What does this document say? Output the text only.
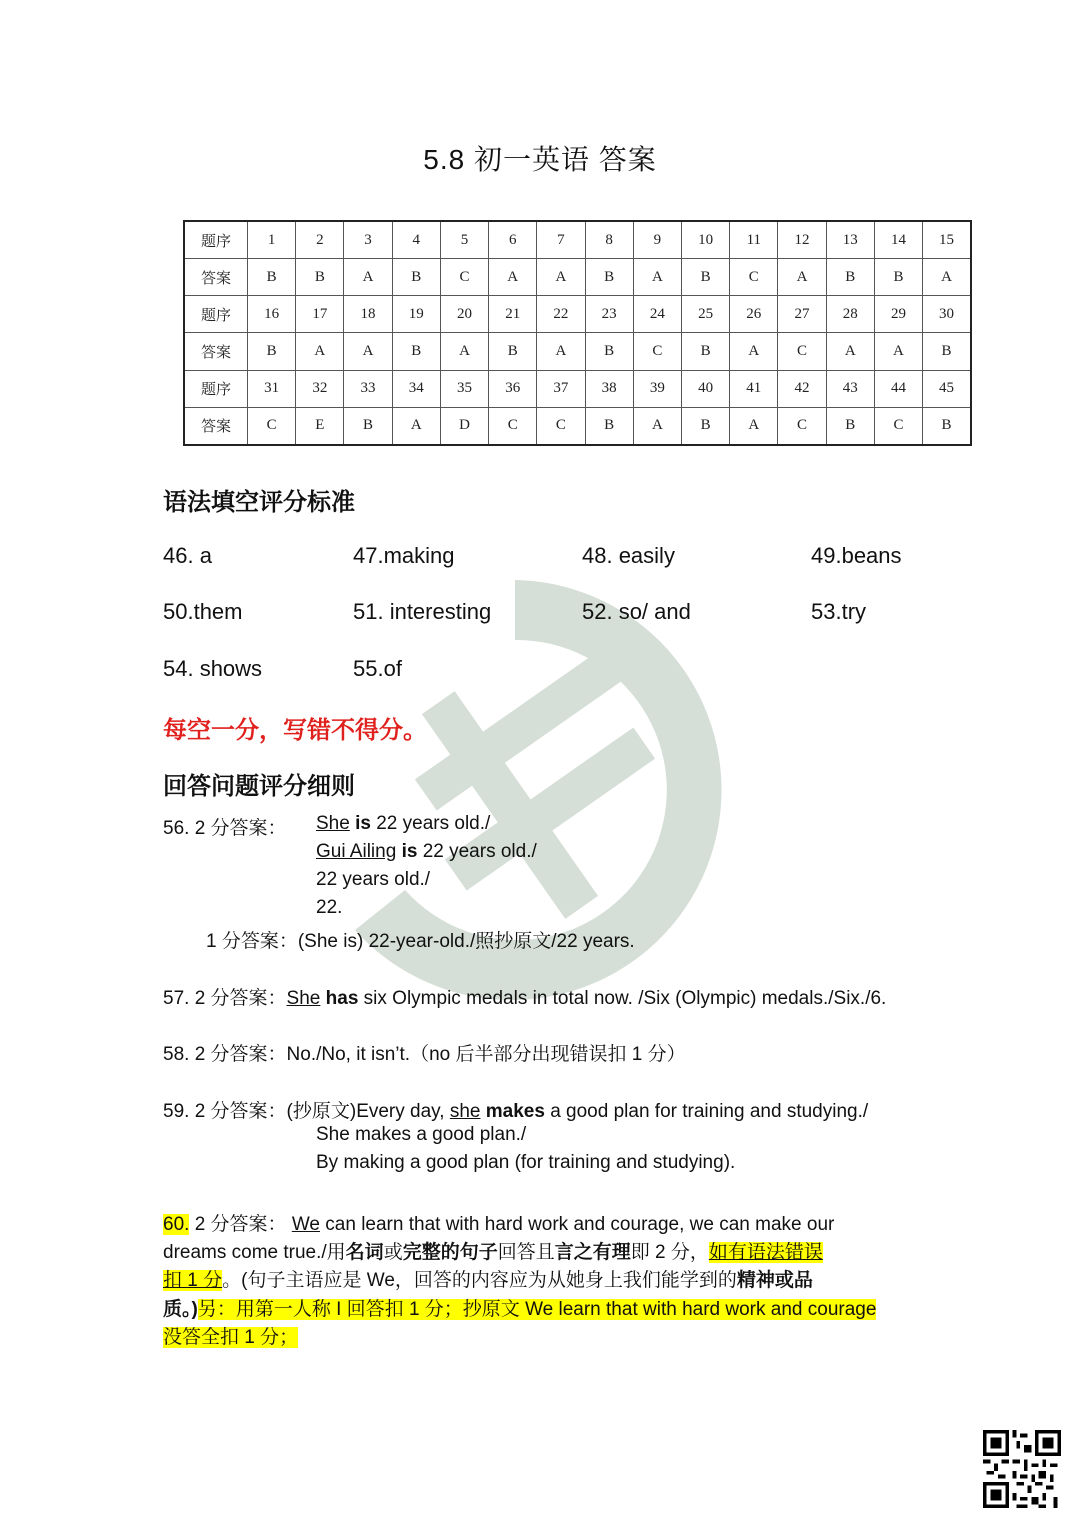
5.8 初一英语 答案
题序	1	2	3	4	5	6	7	8	9	10	11	12	13	14	15
答案	B	B	A	B	C	A	A	B	A	B	C	A	B	B	A
题序	16	17	18	19	20	21	22	23	24	25	26	27	28	29	30
答案	B	A	A	B	A	B	A	B	C	B	A	C	A	A	B
题序	31	32	33	34	35	36	37	38	39	40	41	42	43	44	45
答案	C	E	B	A	D	C	C	B	A	B	A	C	B	C	B
语法填空评分标准
46. a	47.making	48. easily	49.beans
50.them	51. interesting	52. so/ and	53.try
54. shows	55.of
每空一分，写错不得分。
回答问题评分细则
56. 2 分答案： She is 22 years old./
Gui Ailing is 22 years old./
22 years old./
22.
1 分答案：(She is) 22-year-old./照抄原文/22 years.
57. 2 分答案：She has six Olympic medals in total now. /Six (Olympic) medals./Six./6.
58. 2 分答案：No./No, it isn’t.（no 后半部分出现错误扣 1 分）
59. 2 分答案：(抄原文)Every day, she makes a good plan for training and studying./
She makes a good plan./
By making a good plan (for training and studying).
60. 2 分答案： We can learn that with hard work and courage, we can make our
dreams come true./用名词或完整的句子回答且言之有理即 2 分，如有语法错误
扣 1 分。(句子主语应是 We，回答的内容应为从她身上我们能学到的精神或品
质。)另：用第一人称 I 回答扣 1 分；抄原文 We learn that with hard work and courage
没答全扣 1 分；
